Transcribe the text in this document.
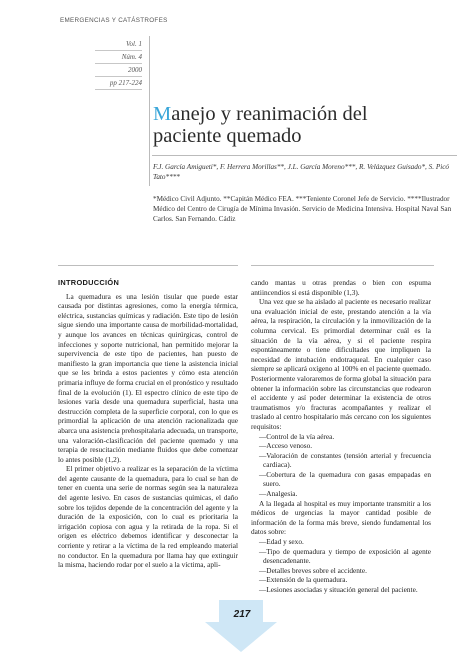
EMERGENCIAS Y CATÁSTROFES
Vol. 1
Núm. 4
2000
pp 217-224
Manejo y reanimación del
paciente quemado

F.J. García Amigueti*, F. Herrera Morillas**, J.L. García Moreno***, R. Velázquez Guisado*, S. Picó Tato****

*Médico Civil Adjunto. **Capitán Médico FEA. ***Teniente Coronel Jefe de Servicio. ****Ilustrador Médico del Centro de Cirugía de Mínima Invasión. Servicio de Medicina Intensiva. Hospital Naval San Carlos. San Fernando. Cádiz

INTRODUCCIÓN

La quemadura es una lesión tisular que puede estar causada por distintas agresiones, como la energía térmica, eléctrica, sustancias químicas y radiación. Este tipo de lesión sigue siendo una importante causa de morbilidad-mortalidad, y aunque los avances en técnicas quirúrgicas, control de infecciones y soporte nutricional, han permitido mejorar la supervivencia de este tipo de pacientes, han puesto de manifiesto la gran importancia que tiene la asistencia inicial que se les brinda a estos pacientes y cómo esta atención primaria influye de forma crucial en el pronóstico y resultado final de la evolución (1). El espectro clínico de este tipo de lesiones varía desde una quemadura superficial, hasta una destrucción completa de la superficie corporal, con lo que es primordial la aplicación de una atención racionalizada que abarca una asistencia prehospitalaria adecuada, un transporte, una valoración-clasificación del paciente quemado y una terapia de resucitación mediante fluidos que debe comenzar lo antes posible (1,2).

El primer objetivo a realizar es la separación de la víctima del agente causante de la quemadura, para lo cual se han de tener en cuenta una serie de normas según sea la naturaleza del agente lesivo. En casos de sustancias químicas, el daño sobre los tejidos depende de la concentración del agente y la duración de la exposición, con lo cual es prioritaria la irrigación copiosa con agua y la retirada de la ropa. Si el origen es eléctrico debemos identificar y desconectar la corriente y retirar a la víctima de la red empleando material no conductor. En la quemadura por llama hay que extinguir la misma, haciendo rodar por el suelo a la víctima, apli-

cando mantas u otras prendas o bien con espuma antiincendios si está disponible (1,3).

Una vez que se ha aislado al paciente es necesario realizar una evaluación inicial de este, prestando atención a la vía aérea, la respiración, la circulación y la inmovilización de la columna cervical. Es primordial determinar cuál es la situación de la vía aérea, y si el paciente respira espontáneamente o tiene dificultades que impliquen la necesidad de intubación endotraqueal. En cualquier caso siempre se aplicará oxígeno al 100% en el paciente quemado. Posteriormente valoraremos de forma global la situación para obtener la información sobre las circunstancias que rodearon el accidente y así poder determinar la existencia de otros traumatismos y/o fracturas acompañantes y realizar el traslado al centro hospitalario más cercano con los siguientes requisitos:

—Control de la vía aérea.

—Acceso venoso.

—Valoración de constantes (tensión arterial y frecuencia cardiaca).

—Cobertura de la quemadura con gasas empapadas en suero.

—Analgesia.

A la llegada al hospital es muy importante transmitir a los médicos de urgencias la mayor cantidad posible de información de la forma más breve, siendo fundamental los datos sobre:

—Edad y sexo.

—Tipo de quemadura y tiempo de exposición al agente desencadenante.

—Detalles breves sobre el accidente.

—Extensión de la quemadura.

—Lesiones asociadas y situación general del paciente.

217
